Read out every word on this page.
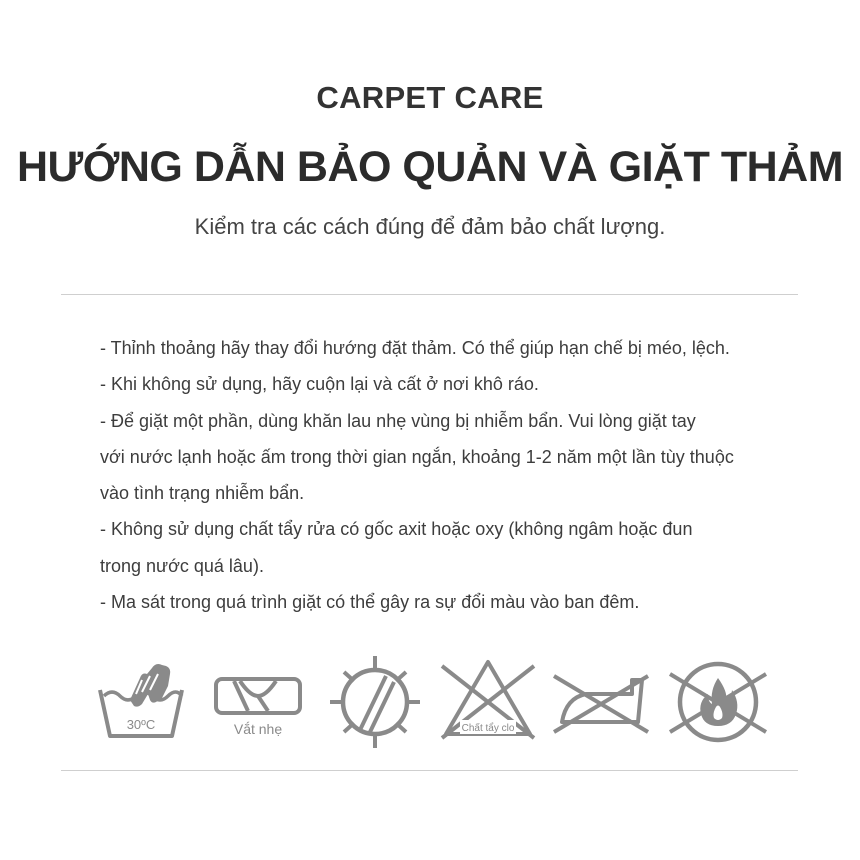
CARPET CARE
HƯỚNG DẪN BẢO QUẢN VÀ GIẶT THẢM
Kiểm tra các cách đúng để đảm bảo chất lượng.
- Thỉnh thoảng hãy thay đổi hướng đặt thảm. Có thể giúp hạn chế bị méo, lệch.
- Khi không sử dụng, hãy cuộn lại và cất ở nơi khô ráo.
- Để giặt một phần, dùng khăn lau nhẹ vùng bị nhiễm bẩn. Vui lòng giặt tay
với nước lạnh hoặc ấm trong thời gian ngắn, khoảng 1-2 năm một lần tùy thuộc
vào tình trạng nhiễm bẩn.
- Không sử dụng chất tẩy rửa có gốc axit hoặc oxy (không ngâm hoặc đun
trong nước quá lâu).
- Ma sát trong quá trình giặt có thể gây ra sự đổi màu vào ban đêm.
30ºC	Vắt nhẹ	Chất tẩy clo
